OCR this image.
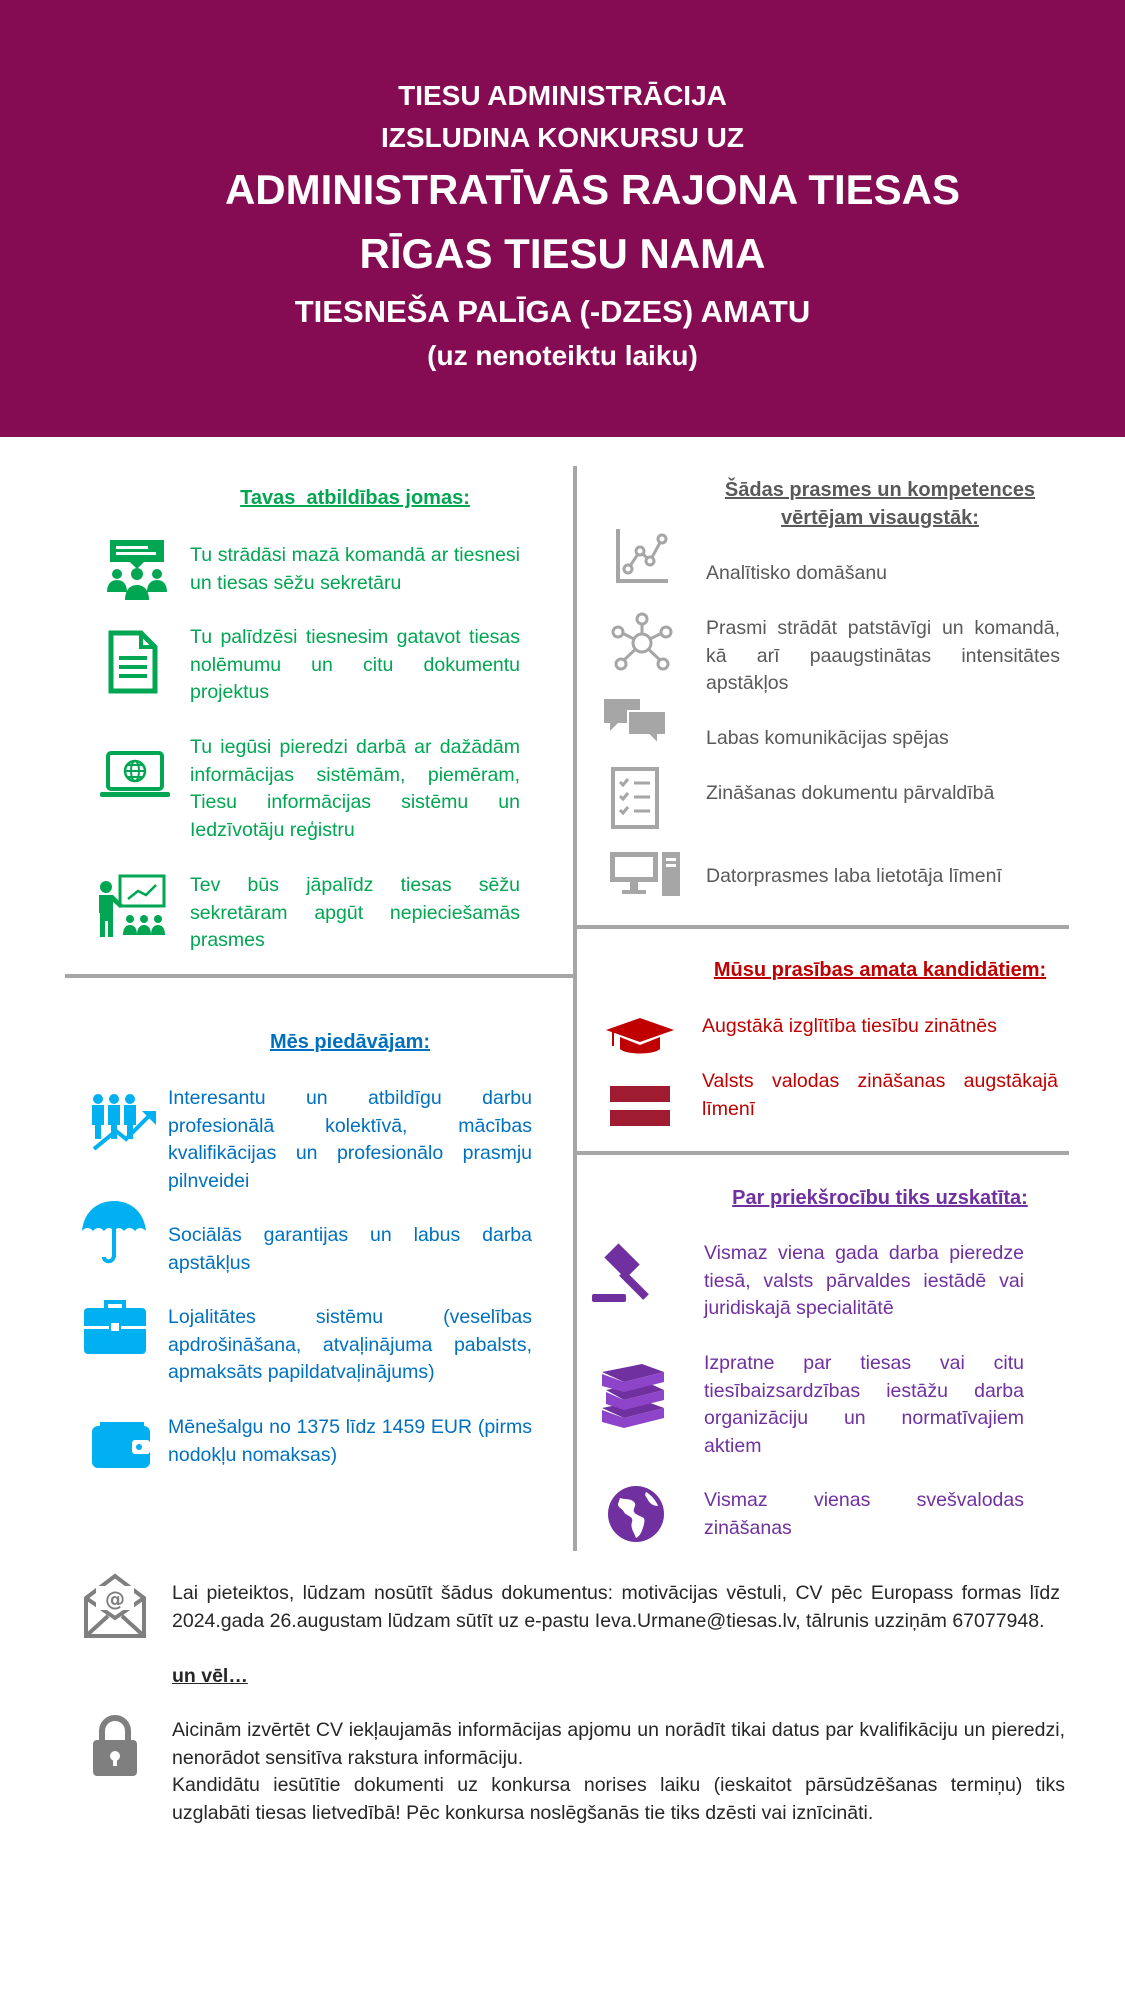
TIESU ADMINISTRĀCIJA
IZSLUDINA KONKURSU UZ
ADMINISTRATĪVĀS RAJONA TIESAS
RĪGAS TIESU NAMA
TIESNEŠA PALĪGA (-DZES) AMATU
(uz nenoteiktu laiku)
Tavas  atbildības jomas:
Tu strādāsi mazā komandā ar tiesnesi un tiesas sēžu sekretāru
Tu palīdzēsi tiesnesim gatavot tiesas nolēmumu un citu dokumentu projektus
Tu iegūsi pieredzi darbā ar dažādām informācijas sistēmām, piemēram, Tiesu informācijas sistēmu un Iedzīvotāju reģistru
Tev būs jāpalīdz tiesas sēžu sekretāram apgūt nepieciešamās prasmes
Šādas prasmes un kompetences
vērtējam visaugstāk:
Analītisko domāšanu
Prasmi strādāt patstāvīgi un komandā, kā arī paaugstinātas intensitātes apstākļos
Labas komunikācijas spējas
Zināšanas dokumentu pārvaldībā
Datorprasmes laba lietotāja līmenī
Mūsu prasības amata kandidātiem:
Augstākā izglītība tiesību zinātnēs
Valsts valodas zināšanas augstākajā līmenī
Par priekšrocību tiks uzskatīta:
Vismaz viena gada darba pieredze tiesā, valsts pārvaldes iestādē vai juridiskajā specialitātē
Izpratne par tiesas vai citu tiesībaizsardzības iestāžu darba organizāciju un normatīvajiem aktiem
Vismaz vienas svešvalodas zināšanas
Mēs piedāvājam:
Interesantu un atbildīgu darbu profesionālā kolektīvā, mācības kvalifikācijas un profesionālo prasmju pilnveidei
Sociālās garantijas un labus darba apstākļus
Lojalitātes sistēmu (veselības apdrošināšana, atvaļinājuma pabalsts, apmaksāts papildatvaļinājums)
Mēnešalgu no 1375 līdz 1459 EUR (pirms nodokļu nomaksas)
@ Lai pieteiktos, lūdzam nosūtīt šādus dokumentus: motivācijas vēstuli, CV pēc Europass formas līdz 2024.gada 26.augustam lūdzam sūtīt uz e-pastu Ieva.Urmane@tiesas.lv, tālrunis uzziņām 67077948.
un vēl…
Aicinām izvērtēt CV iekļaujamās informācijas apjomu un norādīt tikai datus par kvalifikāciju un pieredzi, nenorādot sensitīva rakstura informāciju.
Kandidātu iesūtītie dokumenti uz konkursa norises laiku (ieskaitot pārsūdzēšanas termiņu) tiks uzglabāti tiesas lietvedībā! Pēc konkursa noslēgšanās tie tiks dzēsti vai iznīcināti.
